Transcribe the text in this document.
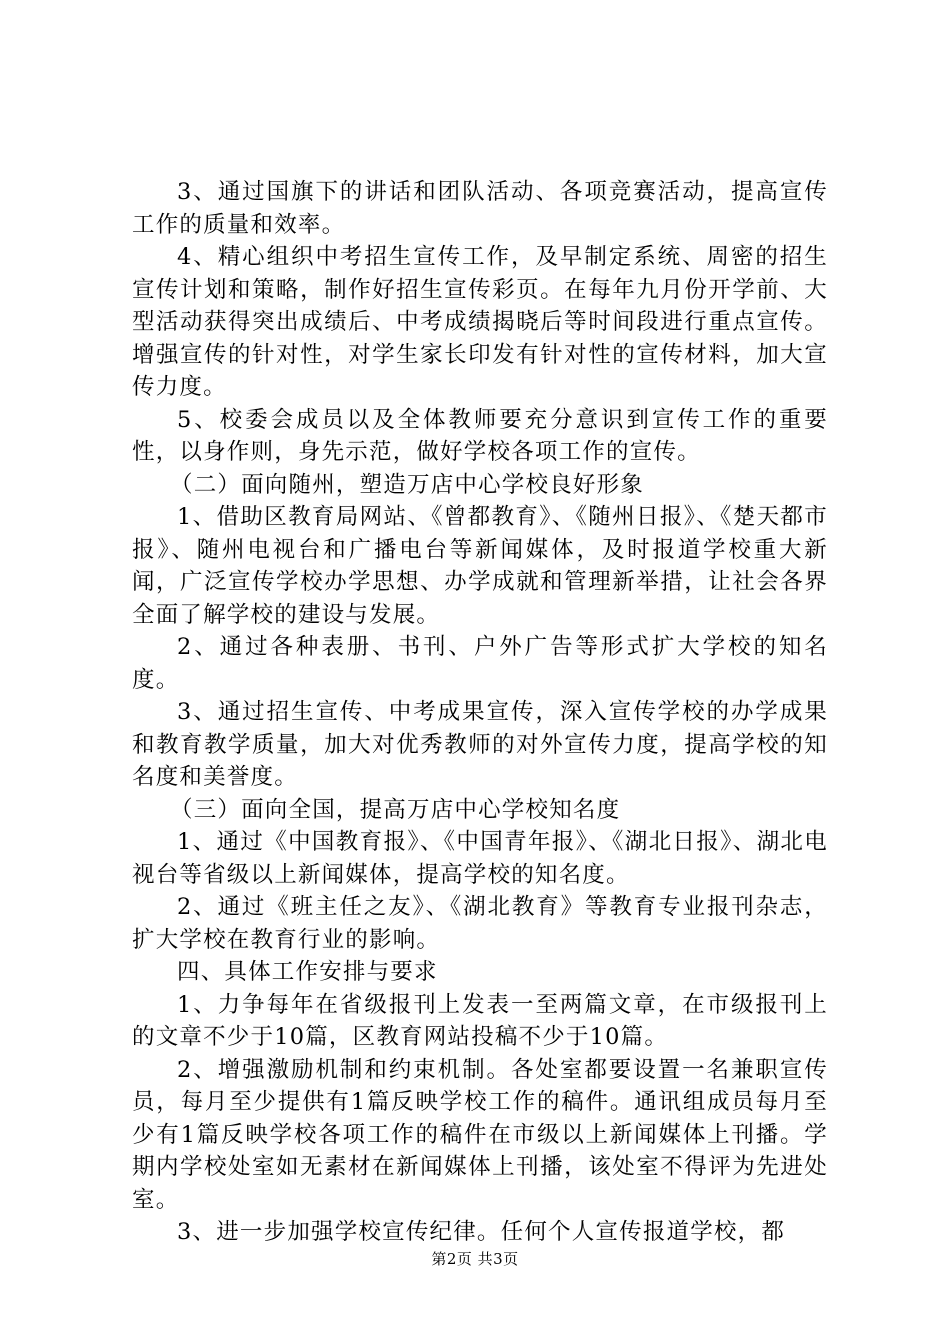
3、通过国旗下的讲话和团队活动、各项竞赛活动，提高宣传工作的质量和效率。

4、精心组织中考招生宣传工作，及早制定系统、周密的招生宣传计划和策略，制作好招生宣传彩页。在每年九月份开学前、大型活动获得突出成绩后、中考成绩揭晓后等时间段进行重点宣传。增强宣传的针对性，对学生家长印发有针对性的宣传材料，加大宣传力度。

5、校委会成员以及全体教师要充分意识到宣传工作的重要性，以身作则，身先示范，做好学校各项工作的宣传。

（二）面向随州，塑造万店中心学校良好形象

1、借助区教育局网站、《曾都教育》、《随州日报》、《楚天都市报》、随州电视台和广播电台等新闻媒体，及时报道学校重大新闻，广泛宣传学校办学思想、办学成就和管理新举措，让社会各界全面了解学校的建设与发展。

2、通过各种表册、书刊、户外广告等形式扩大学校的知名度。

3、通过招生宣传、中考成果宣传，深入宣传学校的办学成果和教育教学质量，加大对优秀教师的对外宣传力度，提高学校的知名度和美誉度。

（三）面向全国，提高万店中心学校知名度

1、通过《中国教育报》、《中国青年报》、《湖北日报》、湖北电视台等省级以上新闻媒体，提高学校的知名度。

2、通过《班主任之友》、《湖北教育》等教育专业报刊杂志，扩大学校在教育行业的影响。

四、具体工作安排与要求

1、力争每年在省级报刊上发表一至两篇文章，在市级报刊上的文章不少于10篇，区教育网站投稿不少于10篇。

2、增强激励机制和约束机制。各处室都要设置一名兼职宣传员，每月至少提供有1篇反映学校工作的稿件。通讯组成员每月至少有1篇反映学校各项工作的稿件在市级以上新闻媒体上刊播。学期内学校处室如无素材在新闻媒体上刊播，该处室不得评为先进处室。

3、进一步加强学校宣传纪律。任何个人宣传报道学校，都

第2页 共3页
